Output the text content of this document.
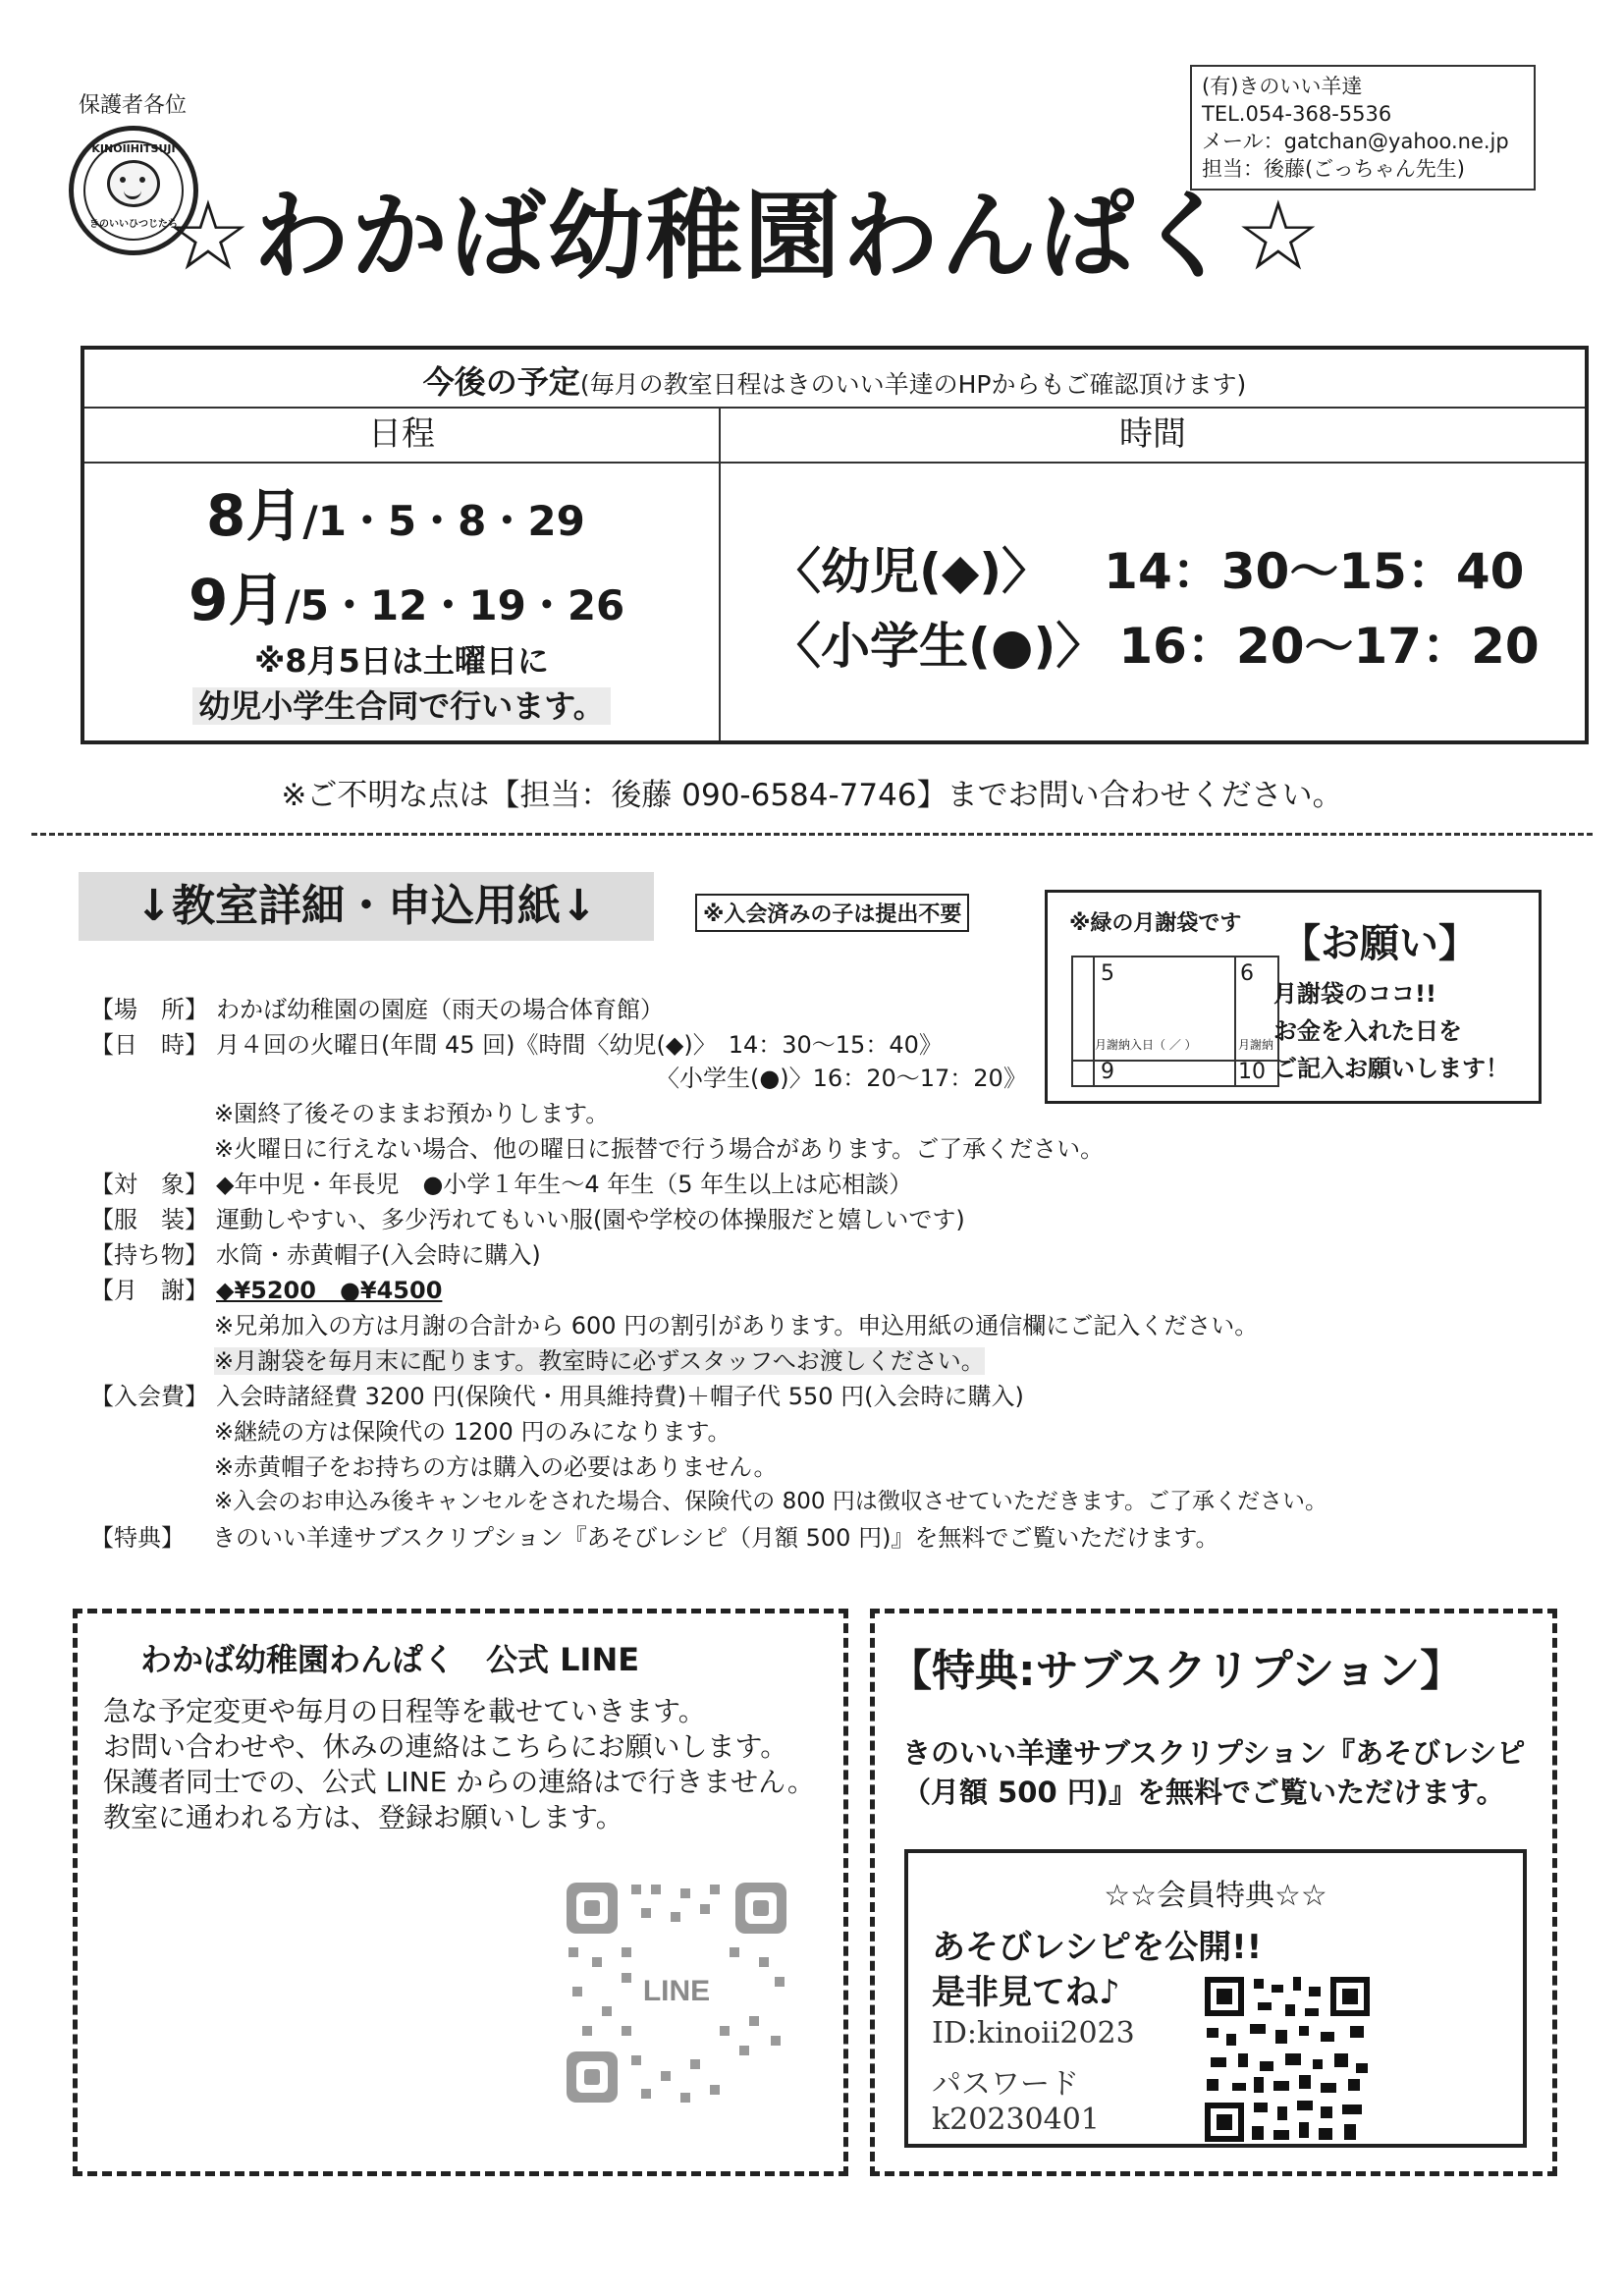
保護者各位
KINOIIHITSUJI
きのいいひつじたち
☆わかば幼稚園わんぱく☆
(有)きのいい羊達
TEL.054-368-5536
メール：gatchan@yahoo.ne.jp
担当：後藤(ごっちゃん先生)
今後の予定(毎月の教室日程はきのいい羊達のHPからもご確認頂けます)
日程	時間
8月/1・5・8・29
9月/5・12・19・26
※8月5日は土曜日に
幼児小学生合同で行います。
〈幼児(◆)〉 14：30～15：40
〈小学生(●)〉 16：20～17：20
※ご不明な点は【担当：後藤 090-6584-7746】までお問い合わせください。
↓教室詳細・申込用紙↓	※入会済みの子は提出不要	※緑の月謝袋です 【お願い】
5	6
9	10
月謝納入日（ ／ ）	月謝納
月謝袋のココ!!
お金を入れた日を
ご記入お願いします！
【場　所】 わかば幼稚園の園庭（雨天の場合体育館）
【日　時】 月４回の火曜日(年間 45 回)《時間〈幼児(◆)〉　14：30～15：40》
〈小学生(●)〉16：20～17：20》
※園終了後そのままお預かりします。
※火曜日に行えない場合、他の曜日に振替で行う場合があります。ご了承ください。
【対　象】 ◆年中児・年長児　●小学１年生～4 年生（5 年生以上は応相談）
【服　装】 運動しやすい、多少汚れてもいい服(園や学校の体操服だと嬉しいです)
【持ち物】 水筒・赤黄帽子(入会時に購入)
【月　謝】 ◆¥5200　●¥4500
※兄弟加入の方は月謝の合計から 600 円の割引があります。申込用紙の通信欄にご記入ください。
※月謝袋を毎月末に配ります。教室時に必ずスタッフへお渡しください。
【入会費】 入会時諸経費 3200 円(保険代・用具維持費)＋帽子代 550 円(入会時に購入)
※継続の方は保険代の 1200 円のみになります。
※赤黄帽子をお持ちの方は購入の必要はありません。
※入会のお申込み後キャンセルをされた場合、保険代の 800 円は徴収させていただきます。ご了承ください。
【特典】 きのいい羊達サブスクリプション『あそびレシピ（月額 500 円)』を無料でご覧いただけます。
わかば幼稚園わんぱく　公式 LINE
急な予定変更や毎月の日程等を載せていきます。
お問い合わせや、休みの連絡はこちらにお願いします。
保護者同士での、公式 LINE からの連絡はで行きません。
教室に通われる方は、登録お願いします。
LINE
【特典:サブスクリプション】
きのいい羊達サブスクリプション『あそびレシピ
（月額 500 円)』を無料でご覧いただけます。
☆☆会員特典☆☆
あそびレシピを公開!!
是非見てね♪
ID:kinoii2023
パスワード
k20230401
